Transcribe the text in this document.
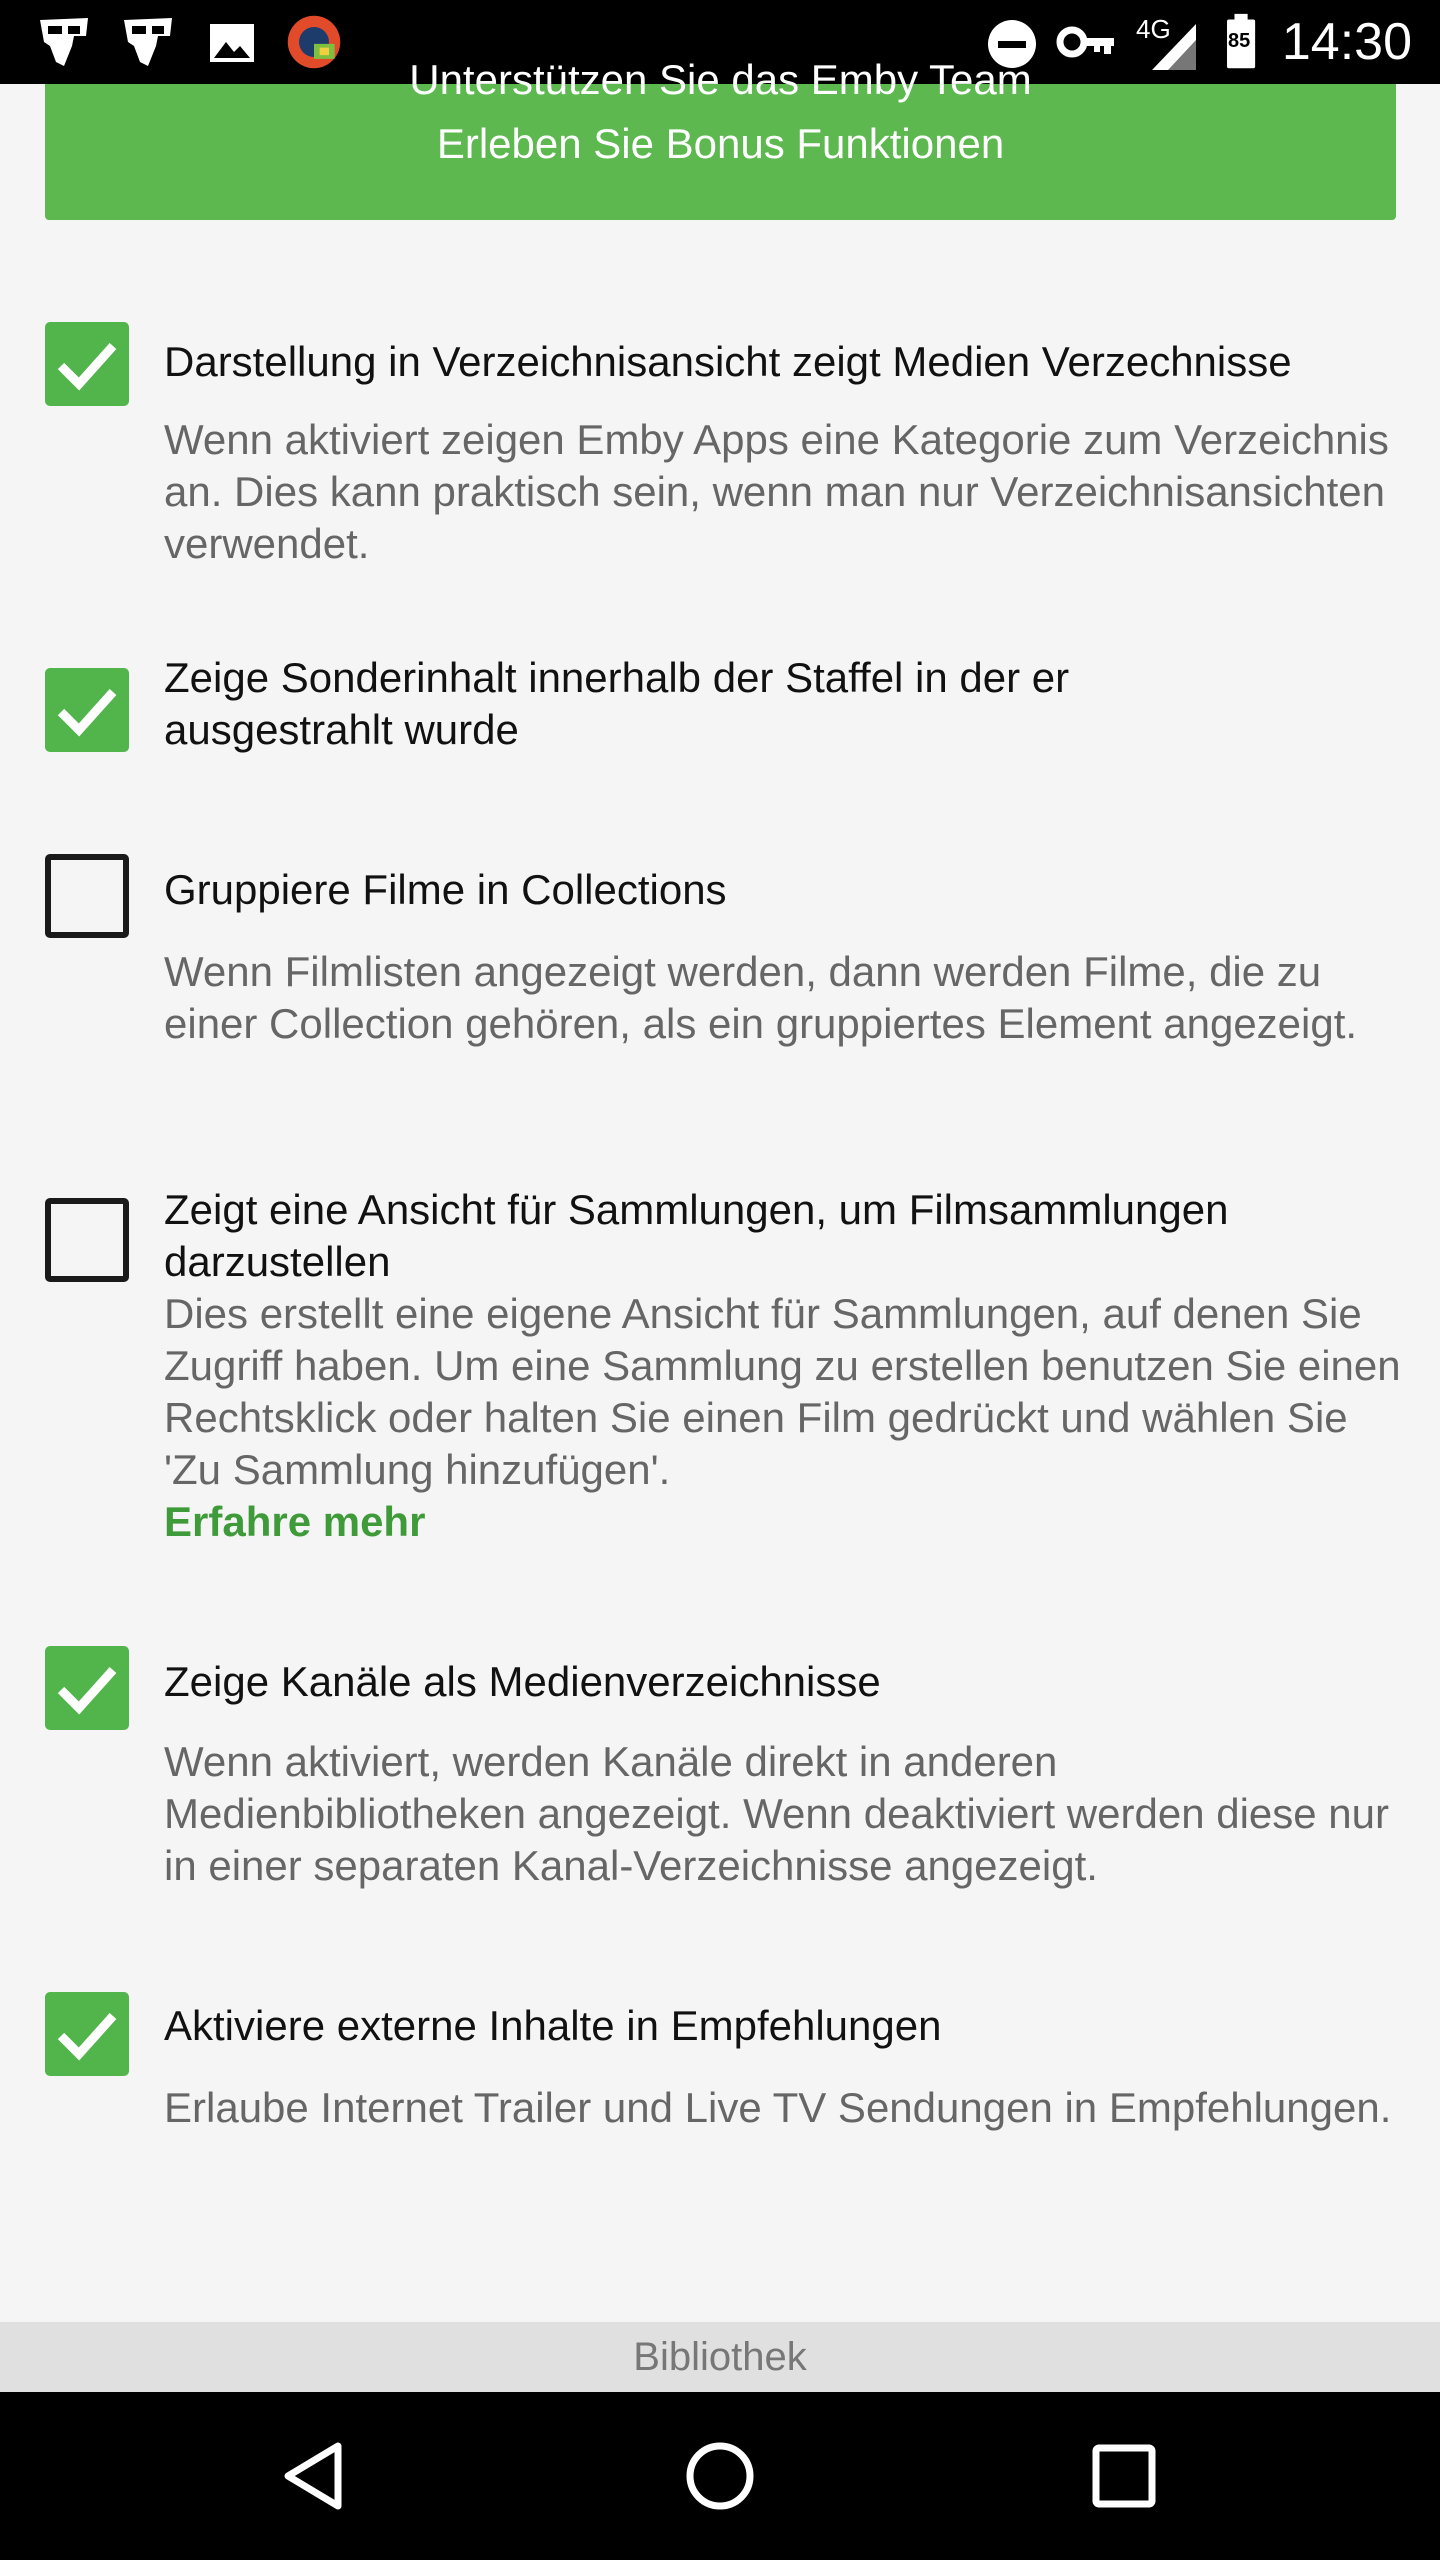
4G	85 14:30
Unterstützen Sie das Emby Team
Erleben Sie Bonus Funktionen
Darstellung in Verzeichnisansicht zeigt Medien Verzechnisse
Wenn aktiviert zeigen Emby Apps eine Kategorie zum Verzeichnis an. Dies kann praktisch sein, wenn man nur Verzeichnisansichten verwendet.
Zeige Sonderinhalt innerhalb der Staffel in der er ausgestrahlt wurde
Gruppiere Filme in Collections
Wenn Filmlisten angezeigt werden, dann werden Filme, die zu einer Collection gehören, als ein gruppiertes Element angezeigt.
Zeigt eine Ansicht für Sammlungen, um Filmsammlungen darzustellen
Dies erstellt eine eigene Ansicht für Sammlungen, auf denen Sie Zugriff haben. Um eine Sammlung zu erstellen benutzen Sie einen Rechtsklick oder halten Sie einen Film gedrückt und wählen Sie 'Zu Sammlung hinzufügen'.
Erfahre mehr
Zeige Kanäle als Medienverzeichnisse
Wenn aktiviert, werden Kanäle direkt in anderen Medienbibliotheken angezeigt. Wenn deaktiviert werden diese nur in einer separaten Kanal-Verzeichnisse angezeigt.
Aktiviere externe Inhalte in Empfehlungen
Erlaube Internet Trailer und Live TV Sendungen in Empfehlungen.
Bibliothek
